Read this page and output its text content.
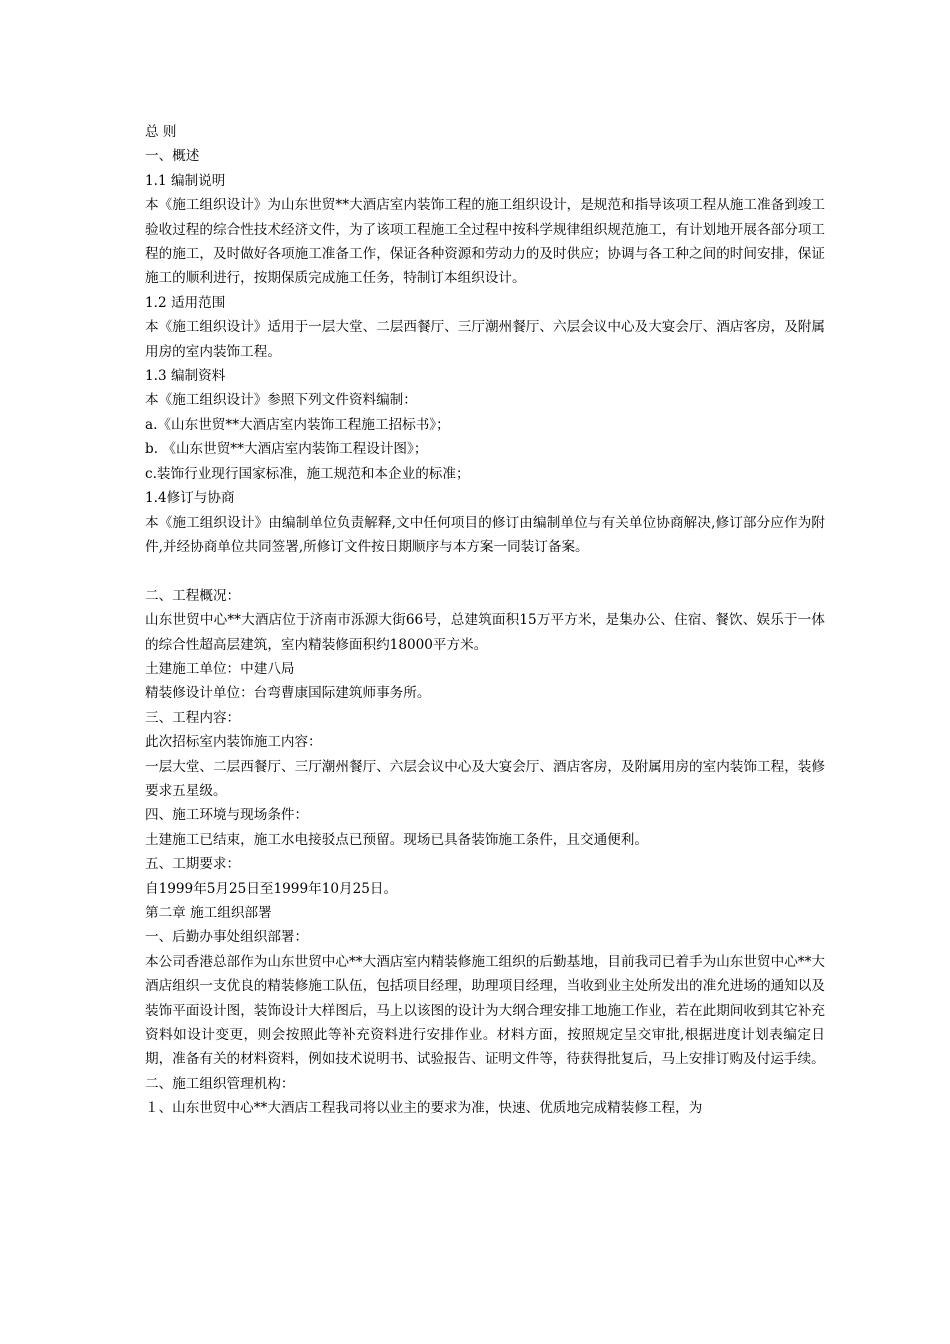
总 则

一、概述

1.1 编制说明

本《施工组织设计》为山东世贸**大酒店室内装饰工程的施工组织设计，是规范和指导该项工程从施工准备到竣工验收过程的综合性技术经济文件，为了该项工程施工全过程中按科学规律组织规范施工，有计划地开展各部分项工程的施工，及时做好各项施工准备工作，保证各种资源和劳动力的及时供应；协调与各工种之间的时间安排，保证施工的顺利进行，按期保质完成施工任务，特制订本组织设计。

1.2 适用范围

本《施工组织设计》适用于一层大堂、二层西餐厅、三厅潮州餐厅、六层会议中心及大宴会厅、酒店客房，及附属用房的室内装饰工程。

1.3 编制资料

本《施工组织设计》参照下列文件资料编制：

a.《山东世贸**大酒店室内装饰工程施工招标书》；

b. 《山东世贸**大酒店室内装饰工程设计图》；

c.装饰行业现行国家标准，施工规范和本企业的标准；

1.4修订与协商

本《施工组织设计》由编制单位负责解释,文中任何项目的修订由编制单位与有关单位协商解决,修订部分应作为附件,并经协商单位共同签署,所修订文件按日期顺序与本方案一同装订备案。

二、工程概况：

山东世贸中心**大酒店位于济南市泺源大街66号，总建筑面积15万平方米，是集办公、住宿、餐饮、娱乐于一体的综合性超高层建筑，室内精装修面积约18000平方米。

土建施工单位：中建八局

精装修设计单位：台弯曹康国际建筑师事务所。

三、工程内容：

此次招标室内装饰施工内容：

一层大堂、二层西餐厅、三厅潮州餐厅、六层会议中心及大宴会厅、酒店客房，及附属用房的室内装饰工程，装修要求五星级。

四、施工环境与现场条件：

土建施工已结束，施工水电接驳点已预留。现场已具备装饰施工条件，且交通便利。

五、工期要求：

自1999年5月25日至1999年10月25日。

第二章 施工组织部署

一、后勤办事处组织部署：

本公司香港总部作为山东世贸中心**大酒店室内精装修施工组织的后勤基地，目前我司已着手为山东世贸中心**大酒店组织一支优良的精装修施工队伍，包括项目经理，助理项目经理，当收到业主处所发出的准允进场的通知以及装饰平面设计图，装饰设计大样图后，马上以该图的设计为大纲合理安排工地施工作业，若在此期间收到其它补充资料如设计变更，则会按照此等补充资料进行安排作业。材料方面，按照规定呈交审批,根据进度计划表编定日期，准备有关的材料资料，例如技术说明书、试验报告、证明文件等，待获得批复后，马上安排订购及付运手续。

二、施工组织管理机构：

１、山东世贸中心**大酒店工程我司将以业主的要求为准，快速、优质地完成精装修工程，为
